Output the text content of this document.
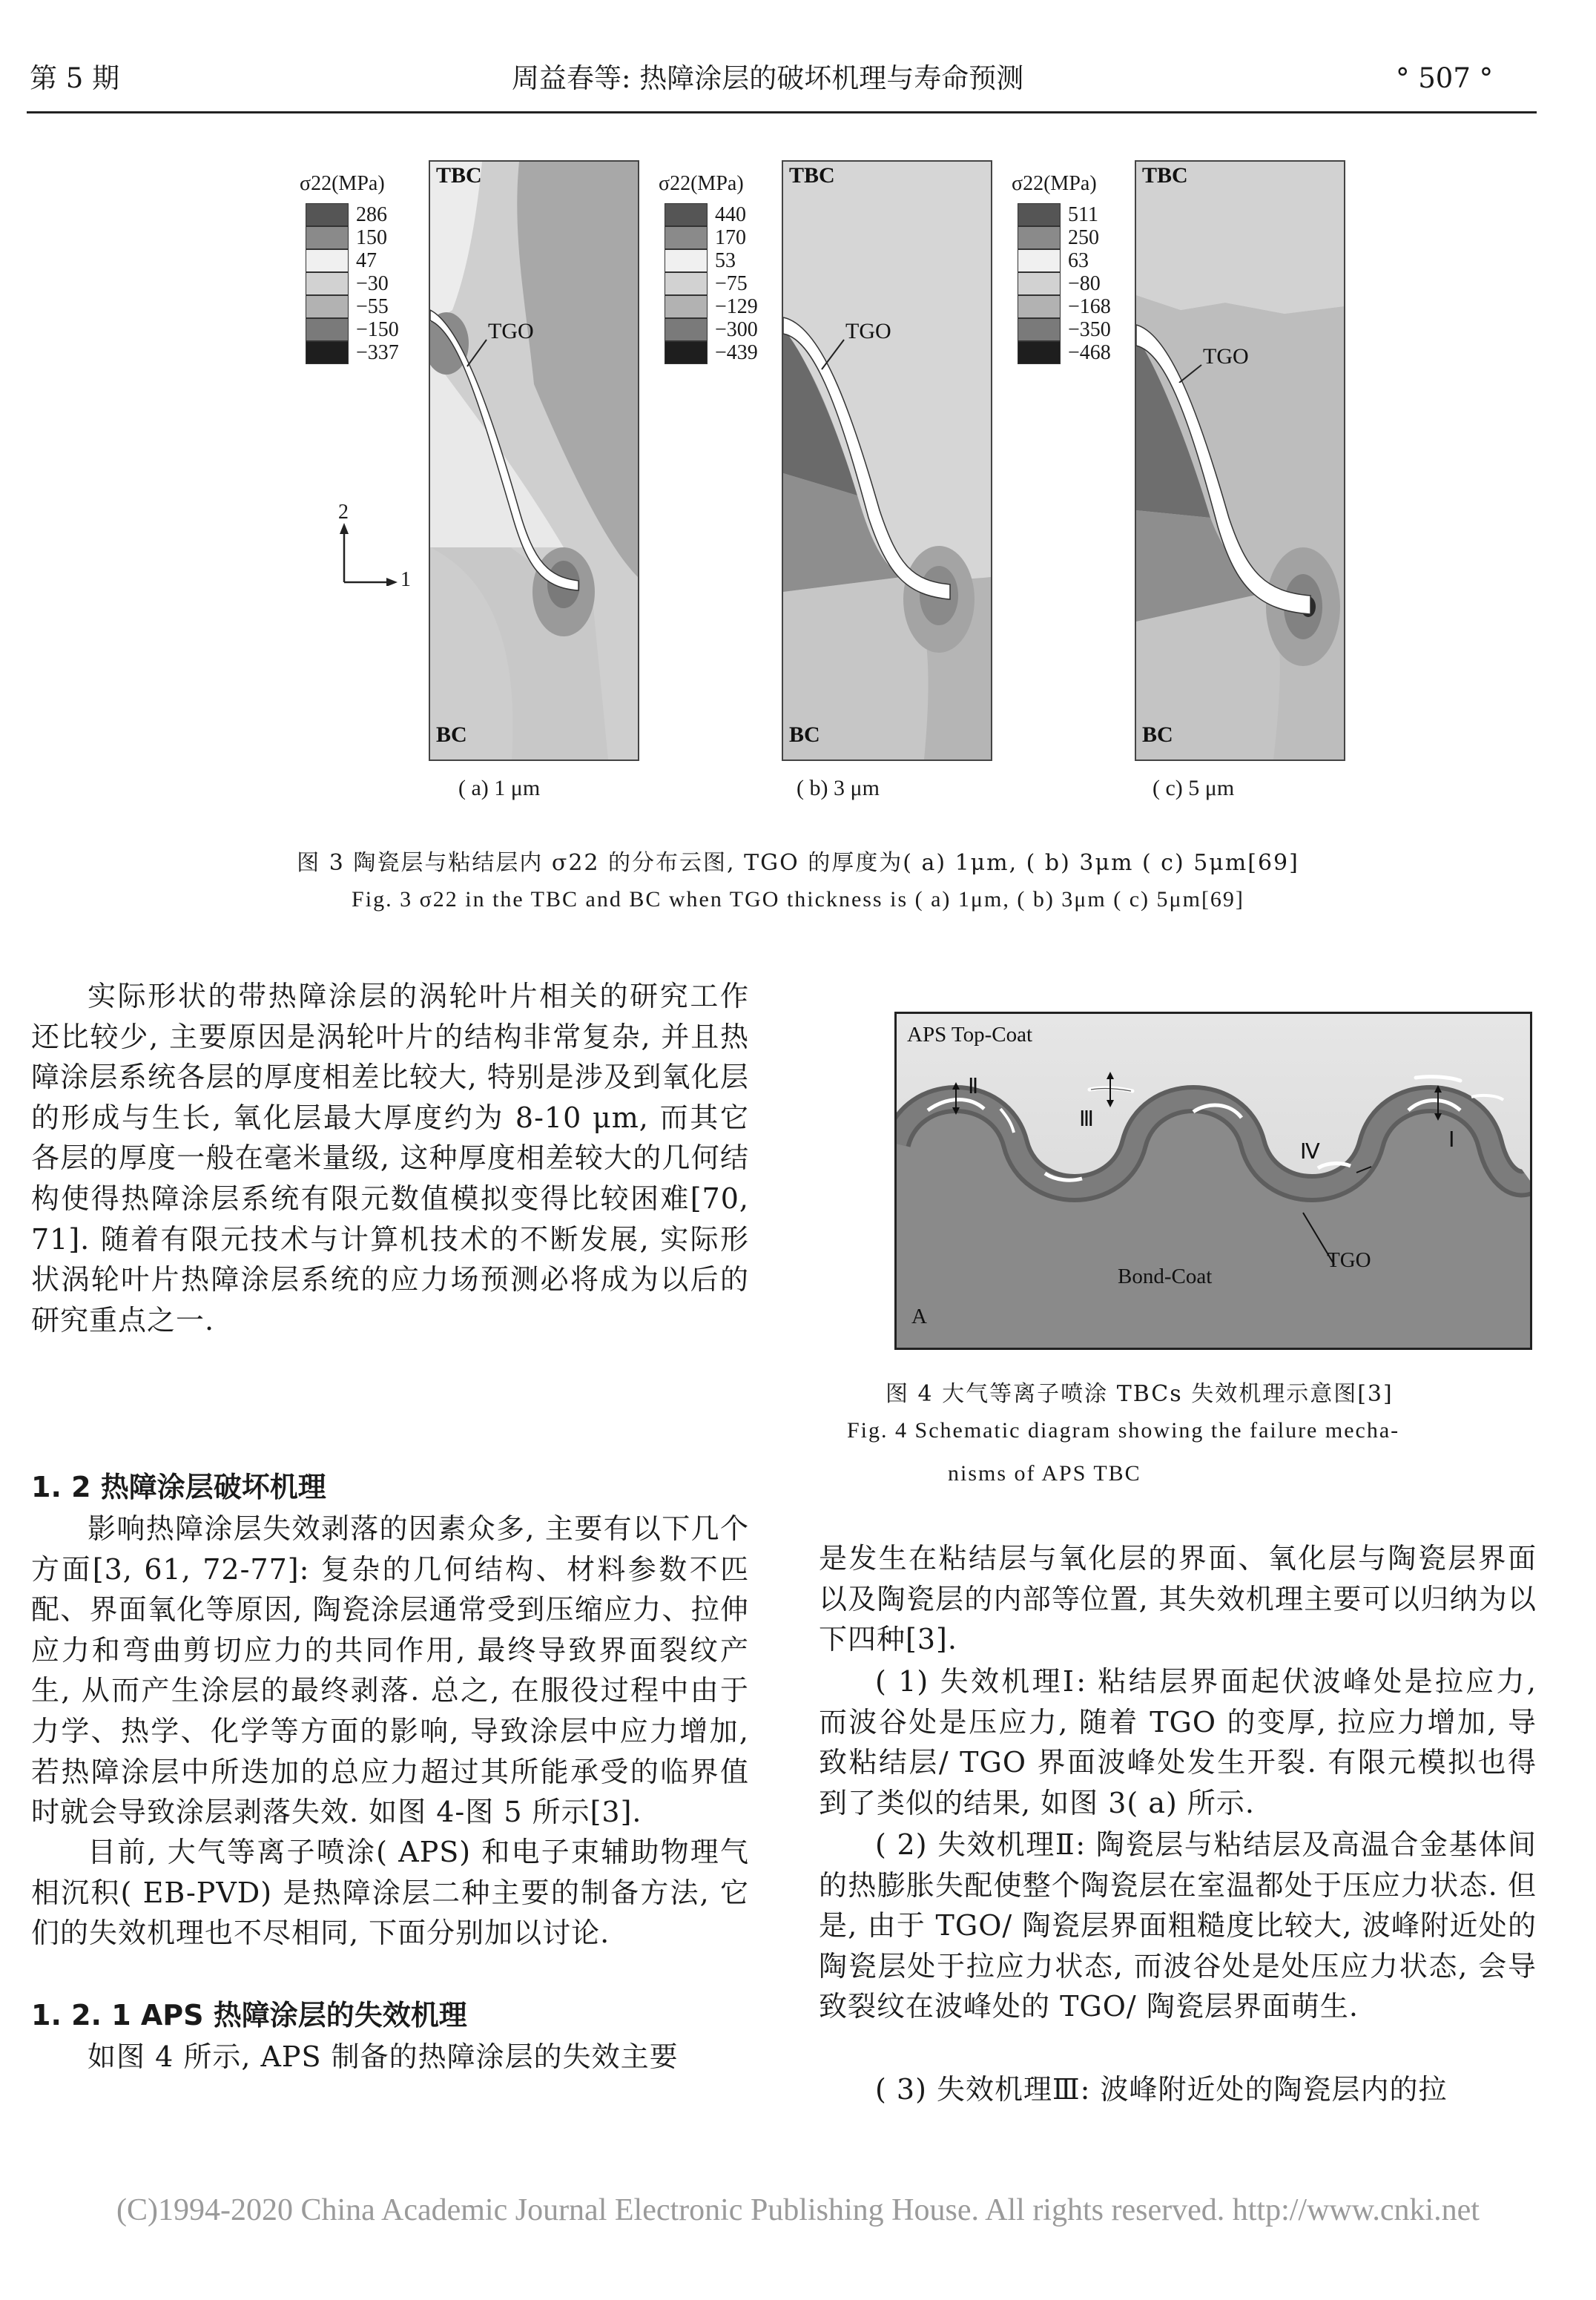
第 5 期	周益春等: 热障涂层的破坏机理与寿命预测	° 507 °
σ22(MPa)
286
150
47
−30
−55
−150
−337
TBC
TGO
BC
2
1
σ22(MPa)
440
170
53
−75
−129
−300
−439
TBC
TGO
BC
σ22(MPa)
511
250
63
−80
−168
−350
−468
TBC
TGO
BC
( a) 1 μm	( b) 3 μm	( c) 5 μm
图 3 陶瓷层与粘结层内 σ22 的分布云图, TGO 的厚度为( a) 1μm, ( b) 3μm ( c) 5μm[69]
Fig. 3 σ22 in the TBC and BC when TGO thickness is ( a) 1μm, ( b) 3μm ( c) 5μm[69]

实际形状的带热障涂层的涡轮叶片相关的研究工作还比较少, 主要原因是涡轮叶片的结构非常复杂, 并且热障涂层系统各层的厚度相差比较大, 特别是涉及到氧化层的形成与生长, 氧化层最大厚度约为 8-10 μm, 而其它各层的厚度一般在毫米量级, 这种厚度相差较大的几何结构使得热障涂层系统有限元数值模拟变得比较困难[70, 71]. 随着有限元技术与计算机技术的不断发展, 实际形状涡轮叶片热障涂层系统的应力场预测必将成为以后的研究重点之一.

1. 2 热障涂层破坏机理

影响热障涂层失效剥落的因素众多, 主要有以下几个方面[3, 61, 72-77]: 复杂的几何结构、材料参数不匹配、界面氧化等原因, 陶瓷涂层通常受到压缩应力、拉伸应力和弯曲剪切应力的共同作用, 最终导致界面裂纹产生, 从而产生涂层的最终剥落. 总之, 在服役过程中由于力学、热学、化学等方面的影响, 导致涂层中应力增加, 若热障涂层中所迭加的总应力超过其所能承受的临界值时就会导致涂层剥落失效. 如图 4-图 5 所示[3].

目前, 大气等离子喷涂( APS) 和电子束辅助物理气相沉积( EB-PVD) 是热障涂层二种主要的制备方法, 它们的失效机理也不尽相同, 下面分别加以讨论.

1. 2. 1 APS 热障涂层的失效机理

如图 4 所示, APS 制备的热障涂层的失效主要

APS Top-Coat
Bond-Coat
TGO
A
Ⅱ
Ⅲ
Ⅳ	Ⅰ
图 4 大气等离子喷涂 TBCs 失效机理示意图[3]
Fig. 4 Schematic diagram showing the failure mecha-
nisms of APS TBC

是发生在粘结层与氧化层的界面、氧化层与陶瓷层界面以及陶瓷层的内部等位置, 其失效机理主要可以归纳为以下四种[3].

( 1) 失效机理Ⅰ: 粘结层界面起伏波峰处是拉应力, 而波谷处是压应力, 随着 TGO 的变厚, 拉应力增加, 导致粘结层/ TGO 界面波峰处发生开裂. 有限元模拟也得到了类似的结果, 如图 3( a) 所示.

( 2) 失效机理Ⅱ: 陶瓷层与粘结层及高温合金基体间的热膨胀失配使整个陶瓷层在室温都处于压应力状态. 但是, 由于 TGO/ 陶瓷层界面粗糙度比较大, 波峰附近处的陶瓷层处于拉应力状态, 而波谷处是处压应力状态, 会导致裂纹在波峰处的 TGO/ 陶瓷层界面萌生.

( 3) 失效机理Ⅲ: 波峰附近处的陶瓷层内的拉

(C)1994-2020 China Academic Journal Electronic Publishing House. All rights reserved. http://www.cnki.net
